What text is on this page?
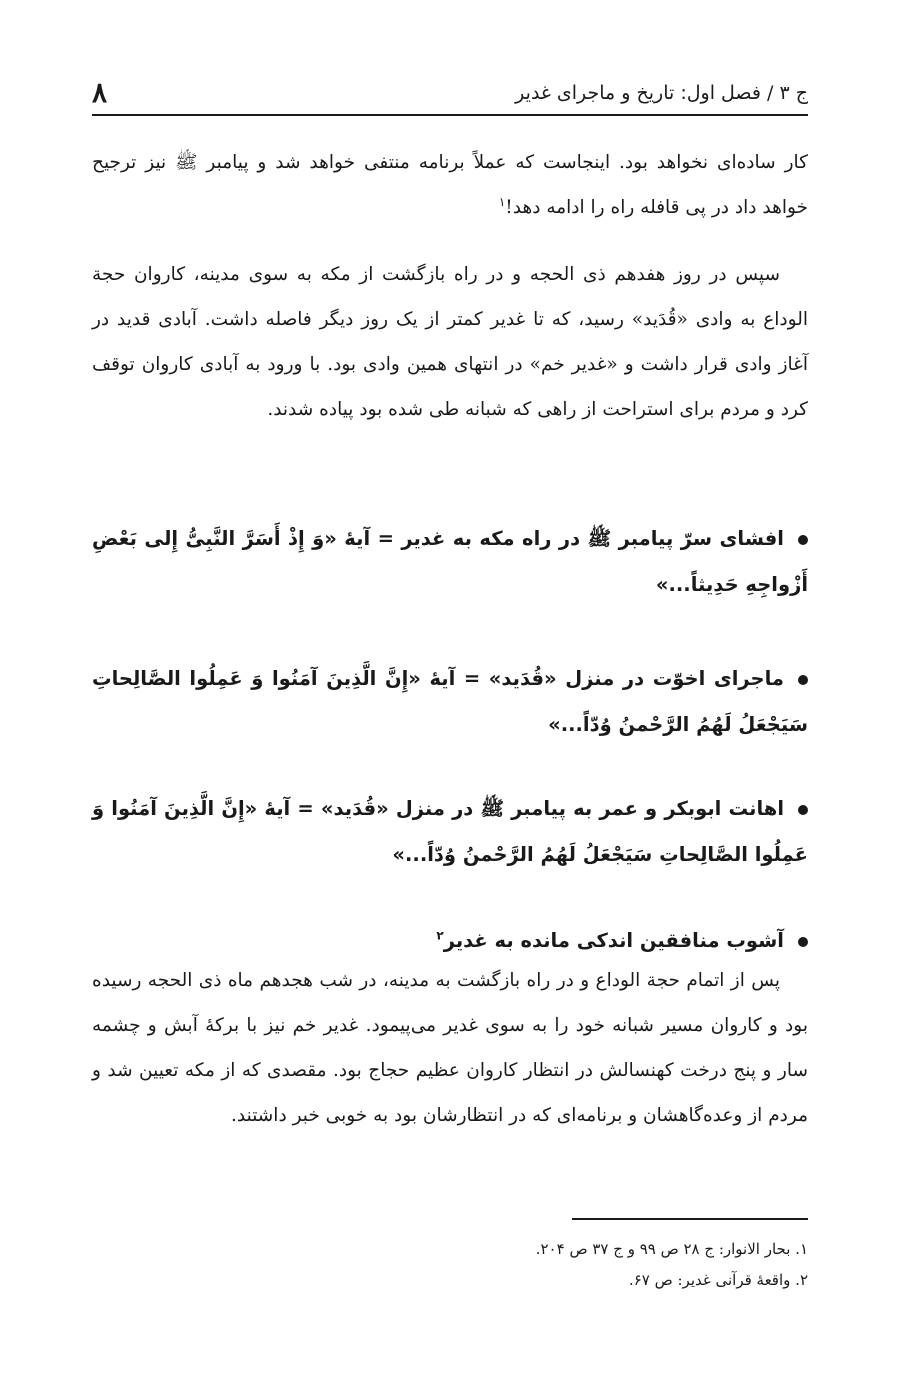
ج ۳ / فصل اول: تاریخ و ماجرای غدیر
۸

کار ساده‌ای نخواهد بود. اینجاست که عملاً برنامه منتفی خواهد شد و پیامبر ﷺ نیز ترجیح خواهد داد در پی قافله راه را ادامه دهد!$^۱$

سپس در روز هفدهم ذی الحجه و در راه بازگشت از مکه به سوی مدینه، کاروان حجة الوداع به وادی «قُدَید» رسید، که تا غدیر کمتر از یک روز دیگر فاصله داشت. آبادی قدید در آغاز وادی قرار داشت و «غدیر خم» در انتهای همین وادی بود. با ورود به آبادی کاروان توقف کرد و مردم برای استراحت از راهی که شبانه طی شده بود پیاده شدند.

افشای سرّ پیامبر ﷺ در راه مکه به غدیر = آیهٔ «وَ إِذْ أَسَرَّ النَّبِیُّ إِلی بَعْضِ أَزْواجِهِ حَدِیثاً...»

ماجرای اخوّت در منزل «قُدَید» = آیهٔ «إِنَّ الَّذِینَ آمَنُوا وَ عَمِلُوا الصَّالِحاتِ سَیَجْعَلُ لَهُمُ الرَّحْمنُ وُدّاً...»

اهانت ابوبکر و عمر به پیامبر ﷺ در منزل «قُدَید» = آیهٔ «إِنَّ الَّذِینَ آمَنُوا وَ عَمِلُوا الصَّالِحاتِ سَیَجْعَلُ لَهُمُ الرَّحْمنُ وُدّاً...»

آشوب منافقین اندکی مانده به غدیر$^۲$

پس از اتمام حجة الوداع و در راه بازگشت به مدینه، در شب هجدهم ماه ذی الحجه رسیده بود و کاروان مسیر شبانه خود را به سوی غدیر می‌پیمود. غدیر خم نیز با برکهٔ آبش و چشمه سار و پنج درخت کهنسالش در انتظار کاروان عظیم حجاج بود. مقصدی که از مکه تعیین شد و مردم از وعده‌گاهشان و برنامه‌ای که در انتظارشان بود به خوبی خبر داشتند.

۱. بحار الانوار: ج ۲۸ ص ۹۹ و ج ۳۷ ص ۲۰۴.

۲. واقعهٔ قرآنی غدیر: ص ۶۷.
